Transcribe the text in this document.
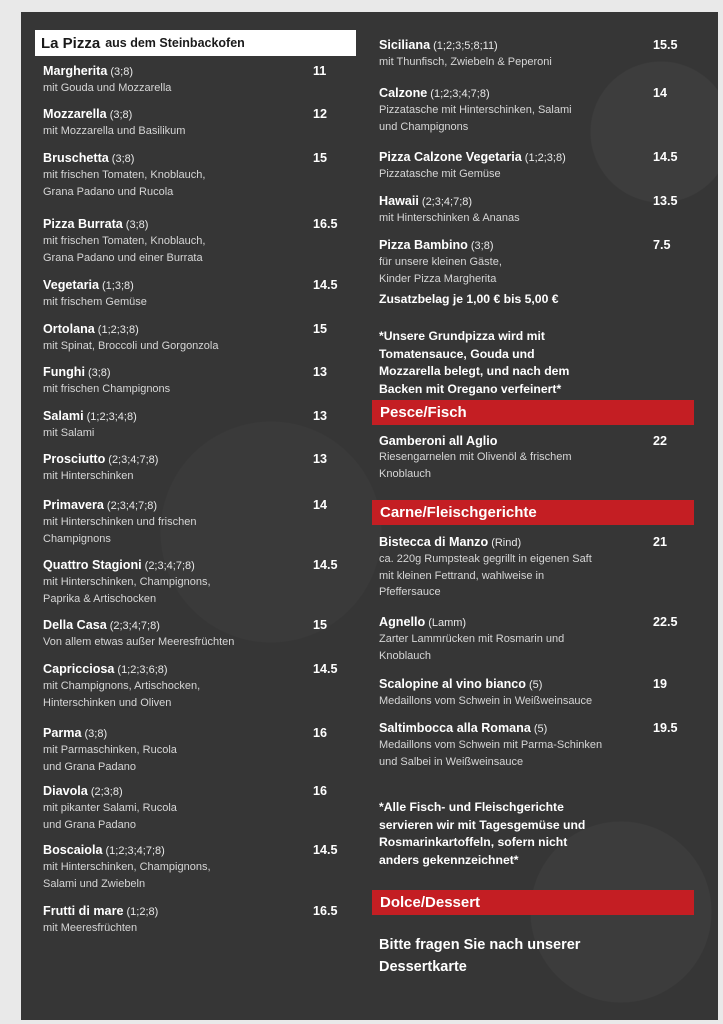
La Pizza aus dem Steinbackofen
Margherita (3;8)
mit Gouda und Mozzarella
11
Mozzarella (3;8)
mit Mozzarella und Basilikum
12
Bruschetta (3;8)
mit frischen Tomaten, Knoblauch,
Grana Padano und Rucola
15
Pizza Burrata (3;8)
mit frischen Tomaten, Knoblauch,
Grana Padano und einer Burrata
16.5
Vegetaria (1;3;8)
mit frischem Gemüse
14.5
Ortolana (1;2;3;8)
mit Spinat, Broccoli und Gorgonzola
15
Funghi (3;8)
mit frischen Champignons
13
Salami (1;2;3;4;8)
mit Salami
13
Prosciutto (2;3;4;7;8)
mit Hinterschinken
13
Primavera (2;3;4;7;8)
mit Hinterschinken und frischen
Champignons
14
Quattro Stagioni (2;3;4;7;8)
mit Hinterschinken, Champignons,
Paprika & Artischocken
14.5
Della Casa (2;3;4;7;8)
Von allem etwas außer Meeresfrüchten
15
Capricciosa (1;2;3;6;8)
mit Champignons, Artischocken,
Hinterschinken und Oliven
14.5
Parma (3;8)
mit Parmaschinken, Rucola
und Grana Padano
16
Diavola (2;3;8)
mit pikanter Salami, Rucola
und Grana Padano
16
Boscaiola (1;2;3;4;7;8)
mit Hinterschinken, Champignons,
Salami und Zwiebeln
14.5
Frutti di mare (1;2;8)
mit Meeresfrüchten
16.5
Siciliana (1;2;3;5;8;11)
mit Thunfisch, Zwiebeln & Peperoni
15.5
Calzone (1;2;3;4;7;8)
Pizzatasche mit Hinterschinken, Salami
und Champignons
14
Pizza Calzone Vegetaria (1;2;3;8)
Pizzatasche mit Gemüse
14.5
Hawaii (2;3;4;7;8)
mit Hinterschinken & Ananas
13.5
Pizza Bambino (3;8)
für unsere kleinen Gäste,
Kinder Pizza Margherita
7.5
Zusatzbelag je 1,00 € bis 5,00 €
*Unsere Grundpizza wird mit
Tomatensauce, Gouda und
Mozzarella belegt, und nach dem
Backen mit Oregano verfeinert*
Pesce/Fisch
Gamberoni all Aglio
Riesengarnelen mit Olivenöl & frischem
Knoblauch
22
Carne/Fleischgerichte
Bistecca di Manzo (Rind)
ca. 220g Rumpsteak gegrillt in eigenen Saft
mit kleinen Fettrand, wahlweise in
Pfeffersauce
21
Agnello (Lamm)
Zarter Lammrücken mit Rosmarin und
Knoblauch
22.5
Scalopine al vino bianco (5)
Medaillons vom Schwein in Weißweinsauce
19
Saltimbocca alla Romana (5)
Medaillons vom Schwein mit Parma-Schinken
und Salbei in Weißweinsauce
19.5
*Alle Fisch- und Fleischgerichte
servieren wir mit Tagesgemüse und
Rosmarinkartoffeln, sofern nicht
anders gekennzeichnet*
Dolce/Dessert
Bitte fragen Sie nach unserer
Dessertkarte
